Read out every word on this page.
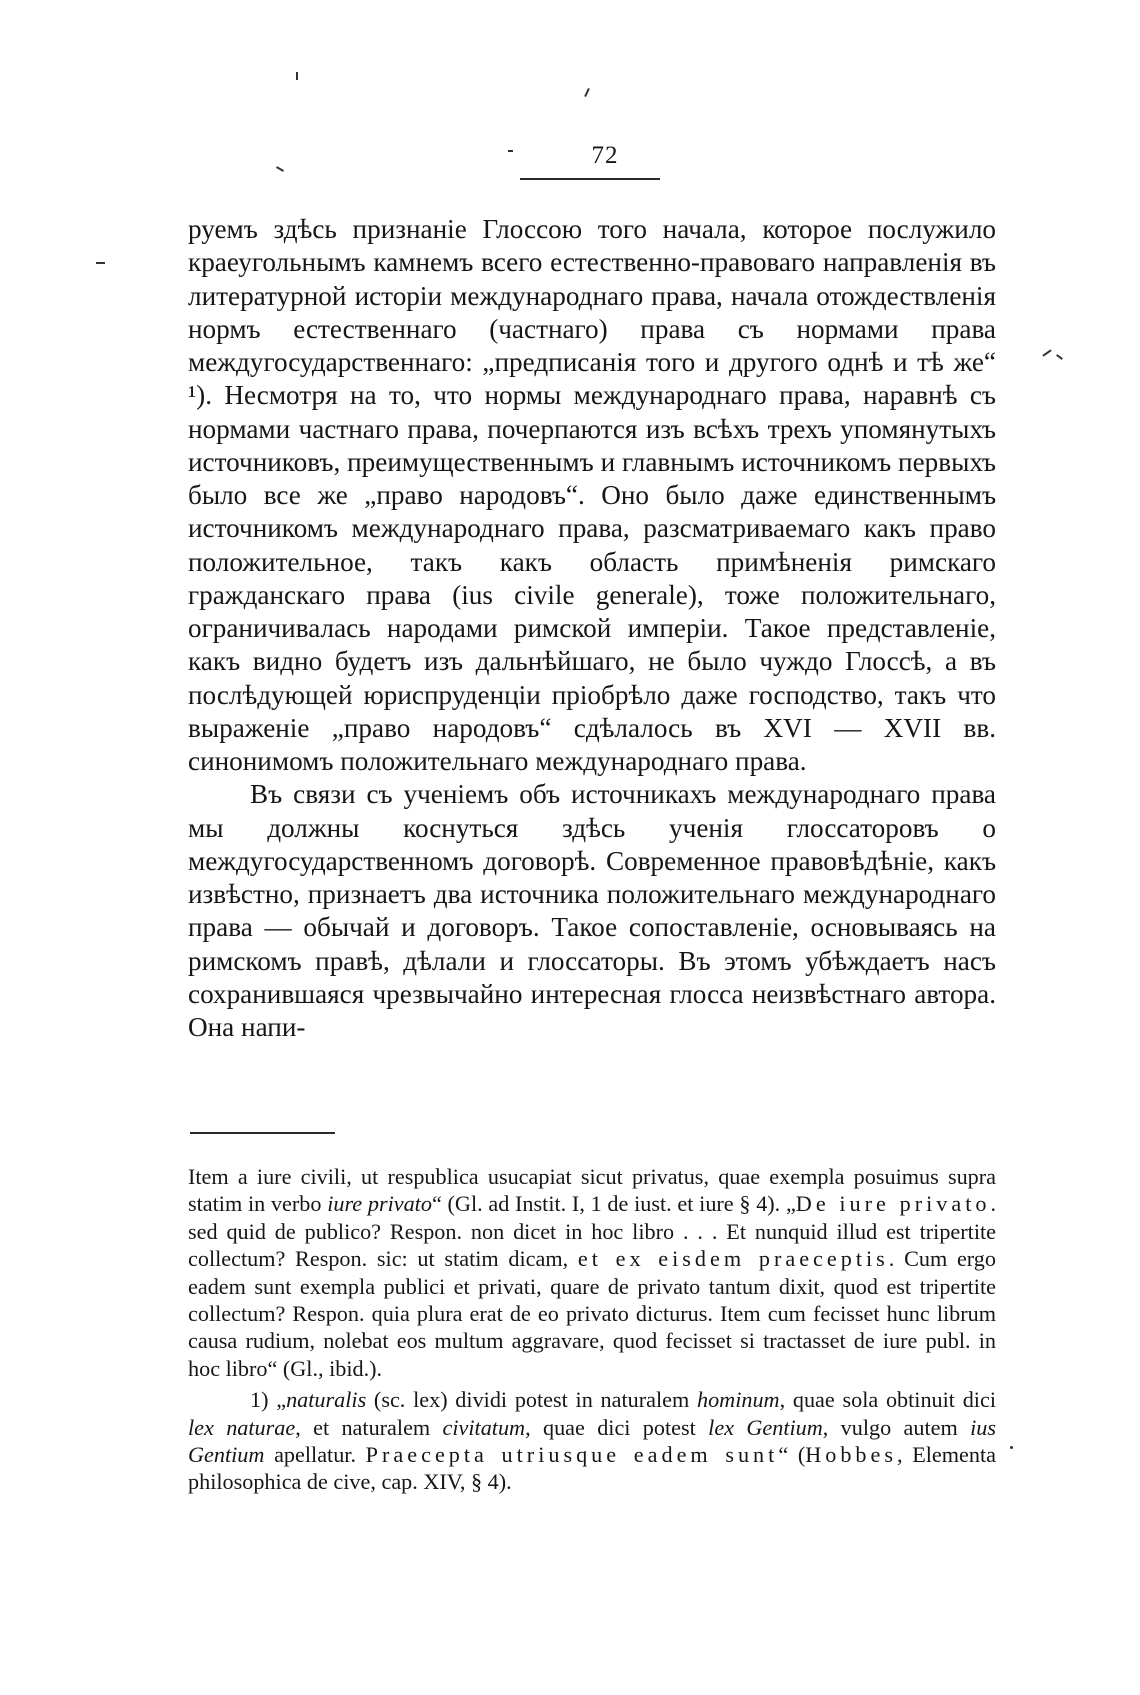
72

руемъ здѣсь признаніе Глоссою того начала, которое послужило краеугольнымъ камнемъ всего естественно-правоваго направленія въ литературной исторіи международнаго права, начала отождествленія нормъ естественнаго (частнаго) права съ нормами права междугосударственнаго: „предписанія того и другого однѣ и тѣ же“ ¹). Несмотря на то, что нормы международнаго права, наравнѣ съ нормами частнаго права, почерпаются изъ всѣхъ трехъ упомянутыхъ источниковъ, преимущественнымъ и главнымъ источникомъ первыхъ было все же „право народовъ“. Оно было даже единственнымъ источникомъ международнаго права, разсматриваемаго какъ право положительное, такъ какъ область примѣненія римскаго гражданскаго права (ius civile generale), тоже положительнаго, ограничивалась народами римской имперіи. Такое представленіе, какъ видно будетъ изъ дальнѣйшаго, не было чуждо Глоссѣ, а въ послѣдующей юриспруденціи пріобрѣло даже господство, такъ что выраженіе „право народовъ“ сдѣлалось въ XVI — XVII вв. синонимомъ положительнаго международнаго права.

Въ связи съ ученіемъ объ источникахъ международнаго права мы должны коснуться здѣсь ученія глоссаторовъ о междугосударственномъ договорѣ. Современное правовѣдѣніе, какъ извѣстно, признаетъ два источника положительнаго международнаго права — обычай и договоръ. Такое сопоставленіе, основываясь на римскомъ правѣ, дѣлали и глоссаторы. Въ этомъ убѣждаетъ насъ сохранившаяся чрезвычайно интересная глосса неизвѣстнаго автора. Она напи-

Item a iure civili, ut respublica usucapiat sicut privatus, quae exempla posuimus supra statim in verbo iure privato“ (Gl. ad Instit. I, 1 de iust. et iure § 4). „De iure privato. sed quid de publico? Respon. non dicet in hoc libro . . . Et nunquid illud est tripertite collectum? Respon. sic: ut statim dicam, et ex eisdem praeceptis. Cum ergo eadem sunt exempla publici et privati, quare de privato tantum dixit, quod est tripertite collectum? Respon. quia plura erat de eo privato dicturus. Item cum fecisset hunc librum causa rudium, nolebat eos multum aggravare, quod fecisset si tractasset de iure publ. in hoc libro“ (Gl., ibid.).

1) „naturalis (sc. lex) dividi potest in naturalem hominum, quae sola obtinuit dici lex naturae, et naturalem civitatum, quae dici potest lex Gentium, vulgo autem ius Gentium apellatur. Praecepta utriusque eadem sunt“ (Hobbes, Elementa philosophica de cive, cap. XIV, § 4).
